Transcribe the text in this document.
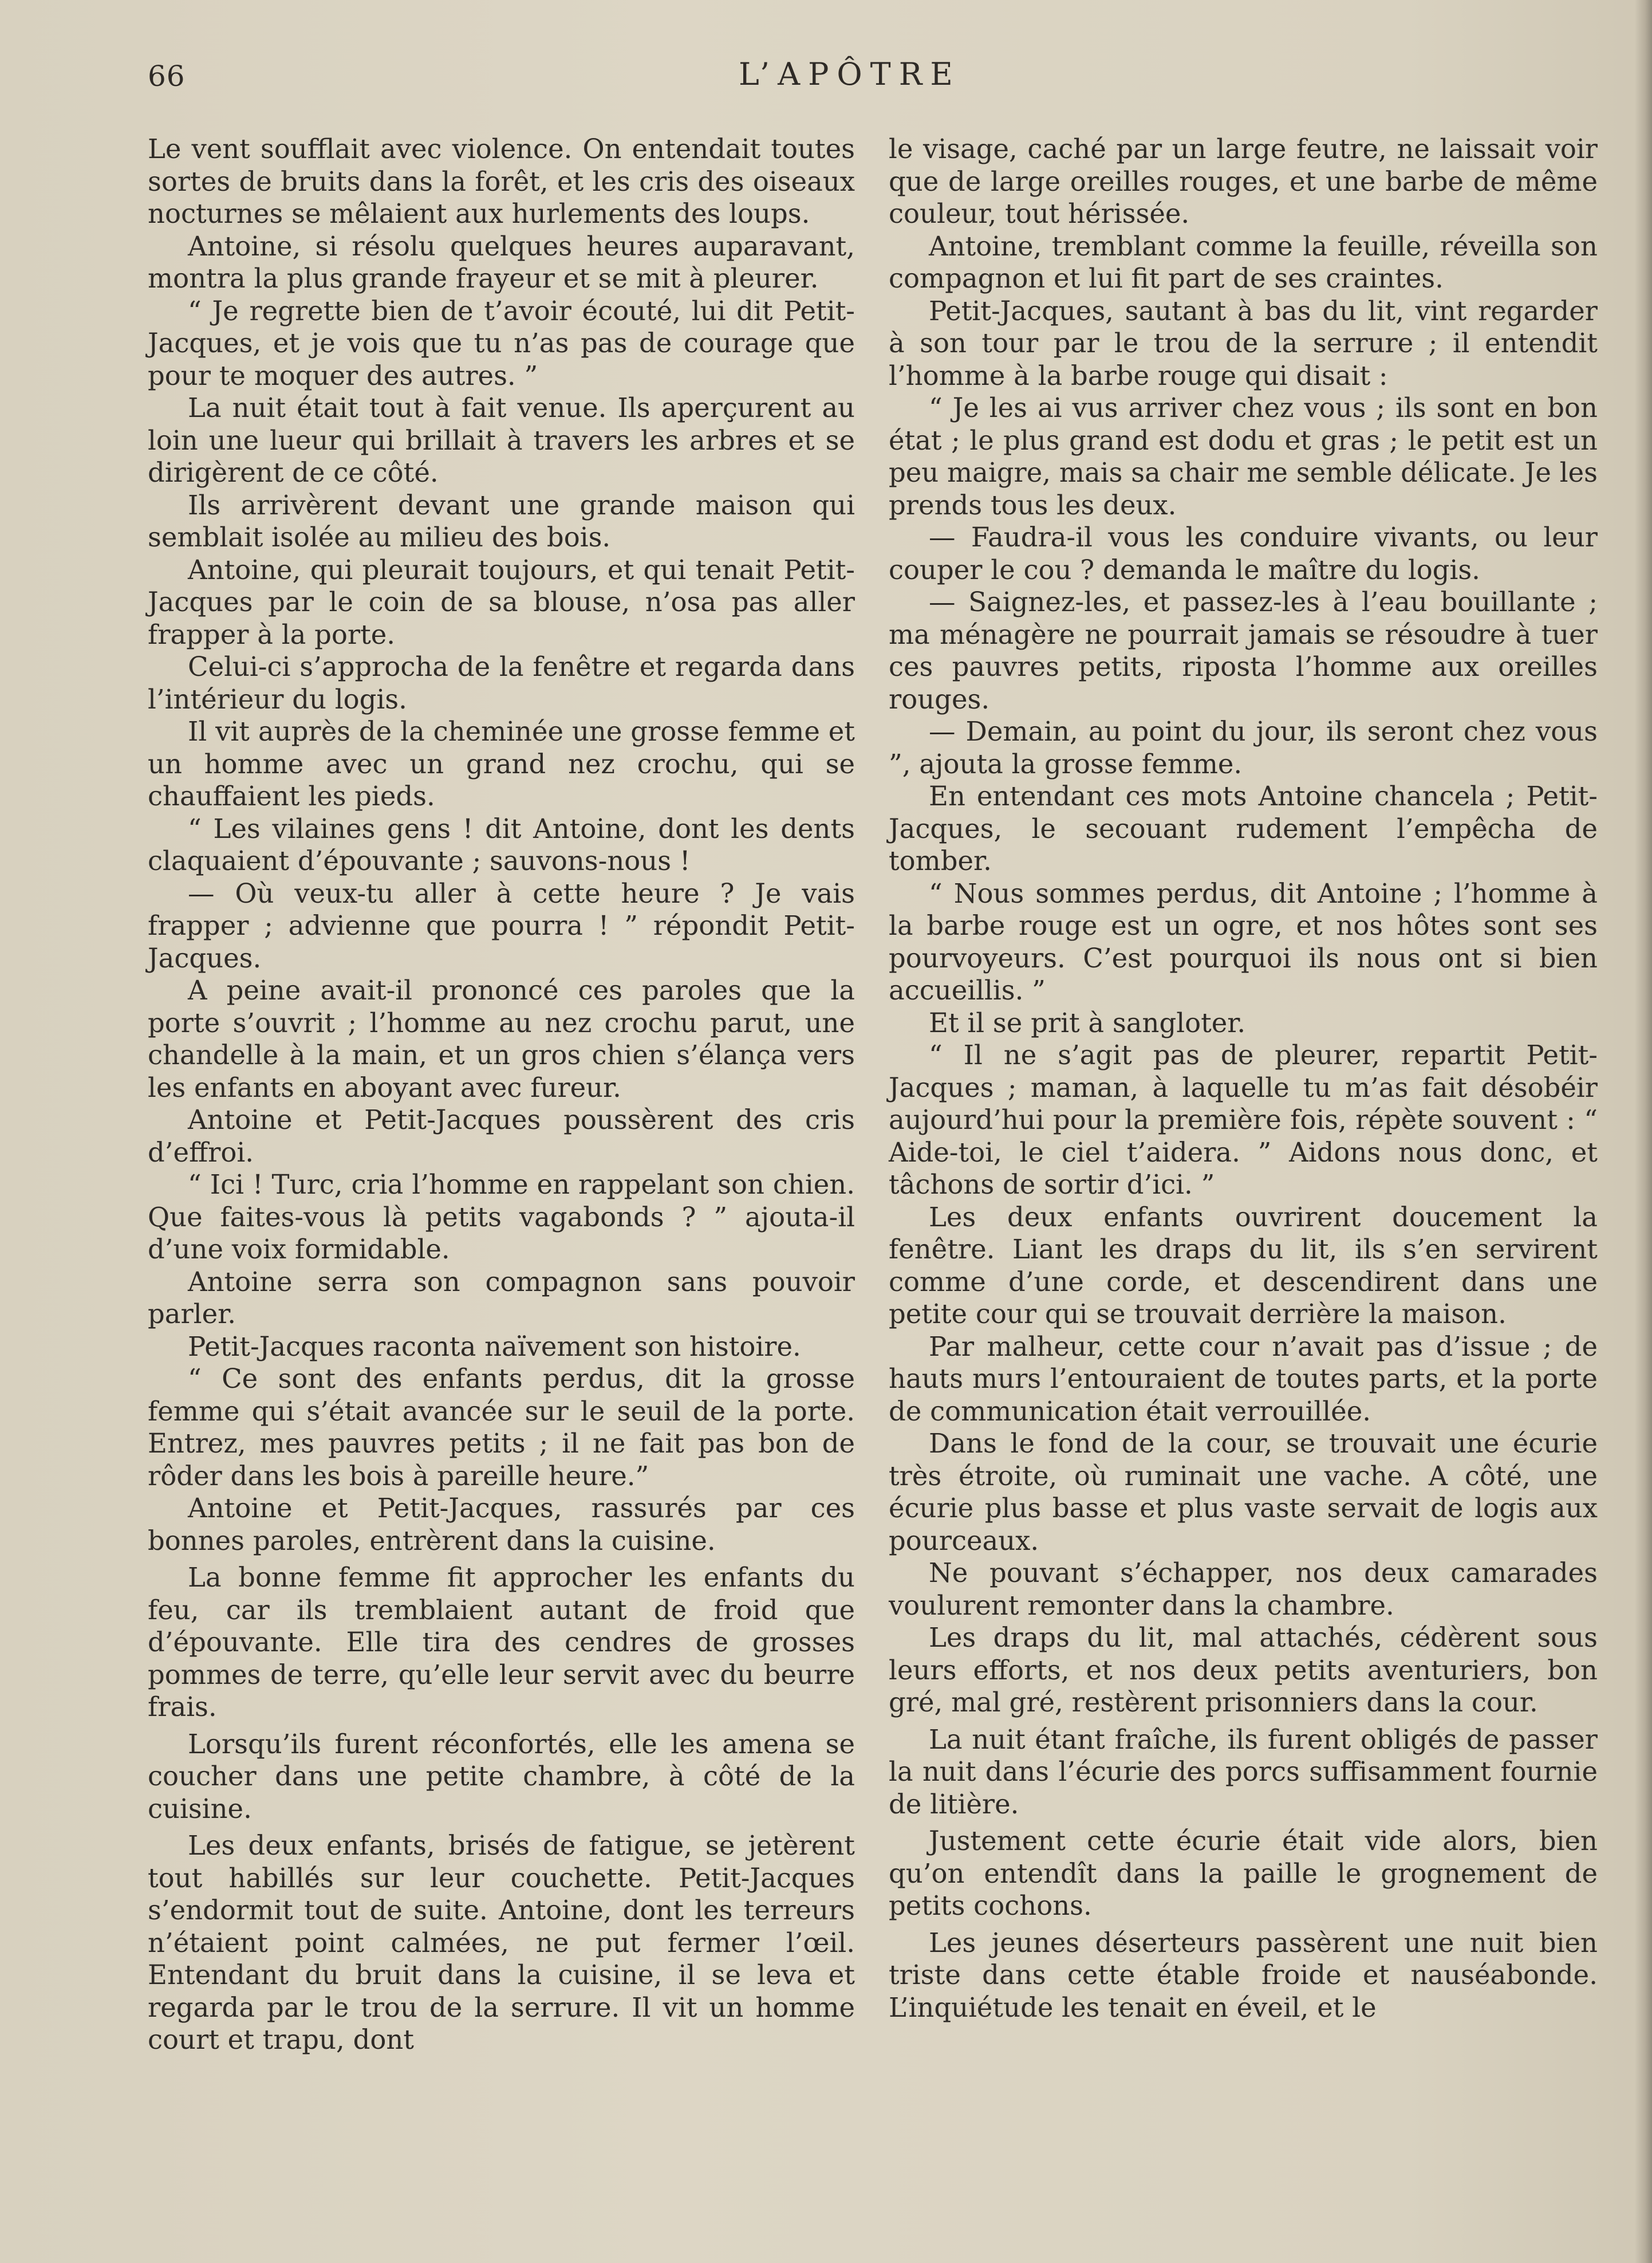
66	L’APÔTRE

Le vent soufflait avec violence. On entendait toutes sortes de bruits dans la forêt, et les cris des oiseaux nocturnes se mêlaient aux hurlements des loups.

Antoine, si résolu quelques heures auparavant, montra la plus grande frayeur et se mit à pleurer.

“ Je regrette bien de t’avoir écouté, lui dit Petit-Jacques, et je vois que tu n’as pas de courage que pour te moquer des autres. ”

La nuit était tout à fait venue. Ils aperçurent au loin une lueur qui brillait à travers les arbres et se dirigèrent de ce côté.

Ils arrivèrent devant une grande maison qui semblait isolée au milieu des bois.

Antoine, qui pleurait toujours, et qui tenait Petit-Jacques par le coin de sa blouse, n’osa pas aller frapper à la porte.

Celui-ci s’approcha de la fenêtre et regarda dans l’intérieur du logis.

Il vit auprès de la cheminée une grosse femme et un homme avec un grand nez crochu, qui se chauffaient les pieds.

“ Les vilaines gens ! dit Antoine, dont les dents claquaient d’épouvante ; sauvons-nous !

— Où veux-tu aller à cette heure ? Je vais frapper ; advienne que pourra ! ” répondit Petit-Jacques.

A peine avait-il prononcé ces paroles que la porte s’ouvrit ; l’homme au nez crochu parut, une chandelle à la main, et un gros chien s’élança vers les enfants en aboyant avec fureur.

Antoine et Petit-Jacques poussèrent des cris d’effroi.

“ Ici ! Turc, cria l’homme en rappelant son chien. Que faites-vous là petits vagabonds ? ” ajouta-il d’une voix formidable.

Antoine serra son compagnon sans pouvoir parler.

Petit-Jacques raconta naïvement son histoire.

“ Ce sont des enfants perdus, dit la grosse femme qui s’était avancée sur le seuil de la porte. Entrez, mes pauvres petits ; il ne fait pas bon de rôder dans les bois à pareille heure.”

Antoine et Petit-Jacques, rassurés par ces bonnes paroles, entrèrent dans la cuisine.

La bonne femme fit approcher les enfants du feu, car ils tremblaient autant de froid que d’épouvante. Elle tira des cendres de grosses pommes de terre, qu’elle leur servit avec du beurre frais.

Lorsqu’ils furent réconfortés, elle les amena se coucher dans une petite chambre, à côté de la cuisine.

Les deux enfants, brisés de fatigue, se jetèrent tout habillés sur leur couchette. Petit-Jacques s’endormit tout de suite. Antoine, dont les terreurs n’étaient point calmées, ne put fermer l’œil. Entendant du bruit dans la cuisine, il se leva et regarda par le trou de la serrure. Il vit un homme court et trapu, dont

le visage, caché par un large feutre, ne laissait voir que de large oreilles rouges, et une barbe de même couleur, tout hérissée.

Antoine, tremblant comme la feuille, réveilla son compagnon et lui fit part de ses craintes.

Petit-Jacques, sautant à bas du lit, vint regarder à son tour par le trou de la serrure ; il entendit l’homme à la barbe rouge qui disait :

“ Je les ai vus arriver chez vous ; ils sont en bon état ; le plus grand est dodu et gras ; le petit est un peu maigre, mais sa chair me semble délicate. Je les prends tous les deux.

— Faudra-il vous les conduire vivants, ou leur couper le cou ? demanda le maître du logis.

— Saignez-les, et passez-les à l’eau bouillante ; ma ménagère ne pourrait jamais se résoudre à tuer ces pauvres petits, riposta l’homme aux oreilles rouges.

— Demain, au point du jour, ils seront chez vous ”, ajouta la grosse femme.

En entendant ces mots Antoine chancela ; Petit-Jacques, le secouant rudement l’empêcha de tomber.

“ Nous sommes perdus, dit Antoine ; l’homme à la barbe rouge est un ogre, et nos hôtes sont ses pourvoyeurs. C’est pourquoi ils nous ont si bien accueillis. ”

Et il se prit à sangloter.

“ Il ne s’agit pas de pleurer, repartit Petit-Jacques ; maman, à laquelle tu m’as fait désobéir aujourd’hui pour la première fois, répète souvent : “ Aide-toi, le ciel t’aidera. ” Aidons nous donc, et tâchons de sortir d’ici. ”

Les deux enfants ouvrirent doucement la fenêtre. Liant les draps du lit, ils s’en servirent comme d’une corde, et descendirent dans une petite cour qui se trouvait derrière la maison.

Par malheur, cette cour n’avait pas d’issue ; de hauts murs l’entouraient de toutes parts, et la porte de communication était verrouillée.

Dans le fond de la cour, se trouvait une écurie très étroite, où ruminait une vache. A côté, une écurie plus basse et plus vaste servait de logis aux pourceaux.

Ne pouvant s’échapper, nos deux camarades voulurent remonter dans la chambre.

Les draps du lit, mal attachés, cédèrent sous leurs efforts, et nos deux petits aventuriers, bon gré, mal gré, restèrent prisonniers dans la cour.

La nuit étant fraîche, ils furent obligés de passer la nuit dans l’écurie des porcs suffisamment fournie de litière.

Justement cette écurie était vide alors, bien qu’on entendît dans la paille le grognement de petits cochons.

Les jeunes déserteurs passèrent une nuit bien triste dans cette étable froide et nauséabonde. L’inquiétude les tenait en éveil, et le
